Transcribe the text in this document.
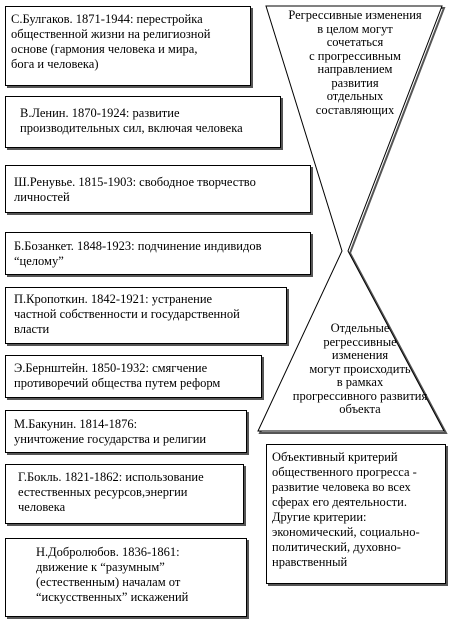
С.Булгаков. 1871-1944: перестройка
общественной жизни на религиозной
основе (гармония человека и мира,
бога и человека)
В.Ленин. 1870-1924: развитие
производительных сил, включая человека
Ш.Ренувье. 1815-1903: свободное творчество
личностей
Б.Бозанкет. 1848-1923: подчинение индивидов
“целому”
П.Кропоткин. 1842-1921: устранение
частной собственности и государственной
власти
Э.Бернштейн. 1850-1932: смягчение
противоречий общества путем реформ
М.Бакунин. 1814-1876:
уничтожение государства и религии
Г.Бокль. 1821-1862: использование
естественных ресурсов,энергии
человека
Н.Добролюбов. 1836-1861:
движение к “разумным”
(естественным) началам от
“искусственных” искажений
Регрессивные изменения
в целом могут
сочетаться
с прогрессивным
направлением
развития
отдельных
составляющих
Отдельные
регрессивные
изменения
могут происходить
в рамках
прогрессивного развития
объекта
Объективный критерий
общественного прогресса -
развитие человека во всех
сферах его деятельности.
Другие критерии:
экономический, социально-
политический, духовно-
нравственный
